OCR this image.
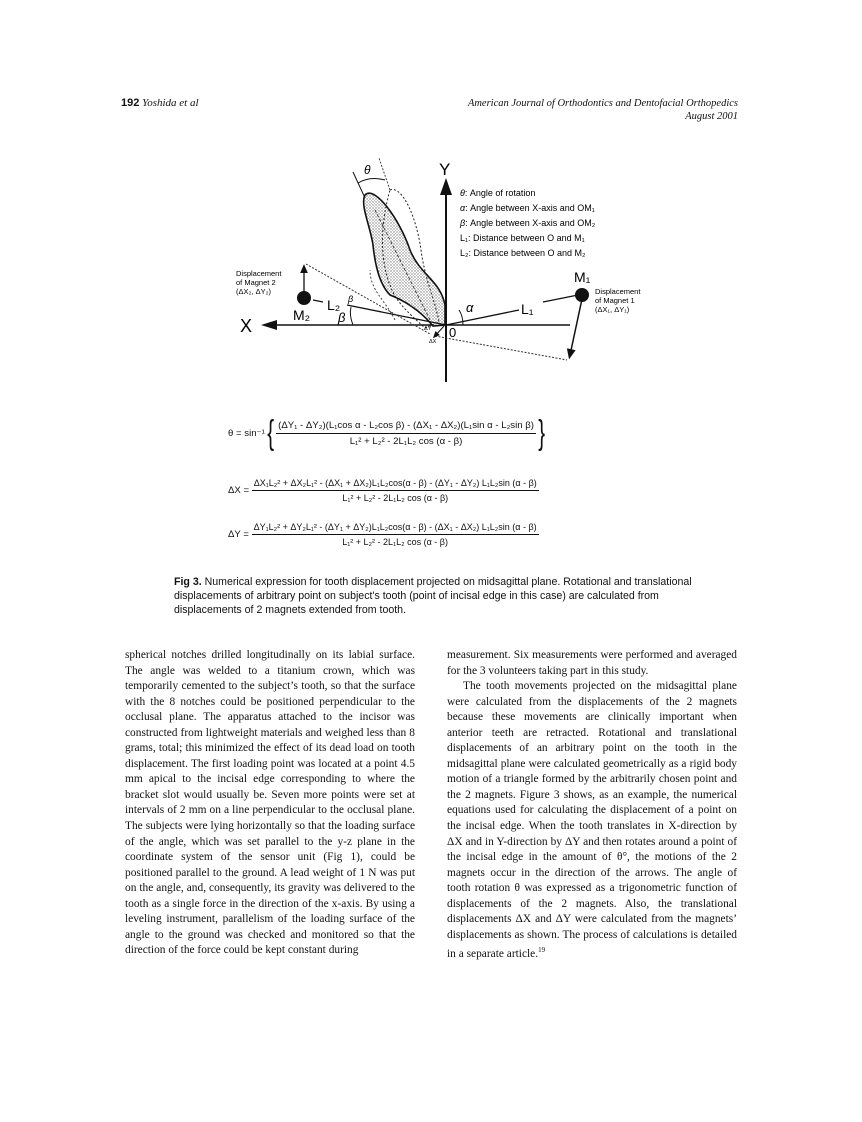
192 Yoshida et al	American Journal of Orthodontics and Dentofacial Orthopedics
August 2001
Y
X
θ
L₁
M₁
Displacement
of Magnet 1
(ΔX₁, ΔY₁)
α
L₂
M₂
Displacement
of Magnet 2
(ΔX₂, ΔY₂)
β
β
0
ΔY
ΔX
θ: Angle of rotation
α: Angle between X-axis and OM₁
β: Angle between X-axis and OM₂
L₁: Distance between O and M₁
L₂: Distance between O and M₂
θ = sin⁻¹ { (ΔY₁ - ΔY₂)(L₁cos α - L₂cos β) - (ΔX₁ - ΔX₂)(L₁sin α - L₂sin β)
L₁² + L₂² - 2L₁L₂ cos (α - β) }
ΔX =

ΔX₁L₂² + ΔX₂L₁² - (ΔX₁ + ΔX₂)L₁L₂cos(α - β) - (ΔY₁ - ΔY₂) L₁L₂sin (α - β)
L₁² + L₂² - 2L₁L₂ cos (α - β)
ΔY =

ΔY₁L₂² + ΔY₂L₁² - (ΔY₁ + ΔY₂)L₁L₂cos(α - β) - (ΔX₁ - ΔX₂) L₁L₂sin (α - β)
L₁² + L₂² - 2L₁L₂ cos (α - β)
Fig 3. Numerical expression for tooth displacement projected on midsagittal plane. Rotational and translational displacements of arbitrary point on subject's tooth (point of incisal edge in this case) are calculated from displacements of 2 magnets extended from tooth.

spherical notches drilled longitudinally on its labial surface. The angle was welded to a titanium crown, which was temporarily cemented to the subject’s tooth, so that the surface with the 8 notches could be positioned perpendicular to the occlusal plane. The apparatus attached to the incisor was constructed from lightweight materials and weighed less than 8 grams, total; this minimized the effect of its dead load on tooth displacement. The first loading point was located at a point 4.5 mm apical to the incisal edge corresponding to where the bracket slot would usually be. Seven more points were set at intervals of 2 mm on a line perpendicular to the occlusal plane. The subjects were lying horizontally so that the loading surface of the angle, which was set parallel to the y-z plane in the coordinate system of the sensor unit (Fig 1), could be positioned parallel to the ground. A lead weight of 1 N was put on the angle, and, consequently, its gravity was delivered to the tooth as a single force in the direction of the x-axis. By using a leveling instrument, parallelism of the loading surface of the angle to the ground was checked and monitored so that the direction of the force could be kept constant during

measurement. Six measurements were performed and averaged for the 3 volunteers taking part in this study.

The tooth movements projected on the midsagittal plane were calculated from the displacements of the 2 magnets because these movements are clinically important when anterior teeth are retracted. Rotational and translational displacements of an arbitrary point on the tooth in the midsagittal plane were calculated geometrically as a rigid body motion of a triangle formed by the arbitrarily chosen point and the 2 magnets. Figure 3 shows, as an example, the numerical equations used for calculating the displacement of a point on the incisal edge. When the tooth translates in X-direction by ΔX and in Y-direction by ΔY and then rotates around a point of the incisal edge in the amount of θ°, the motions of the 2 magnets occur in the direction of the arrows. The angle of tooth rotation θ was expressed as a trigonometric function of displacements of the 2 magnets. Also, the translational displacements ΔX and ΔY were calculated from the magnets’ displacements as shown. The process of calculations is detailed in a separate article.$^{19}$
